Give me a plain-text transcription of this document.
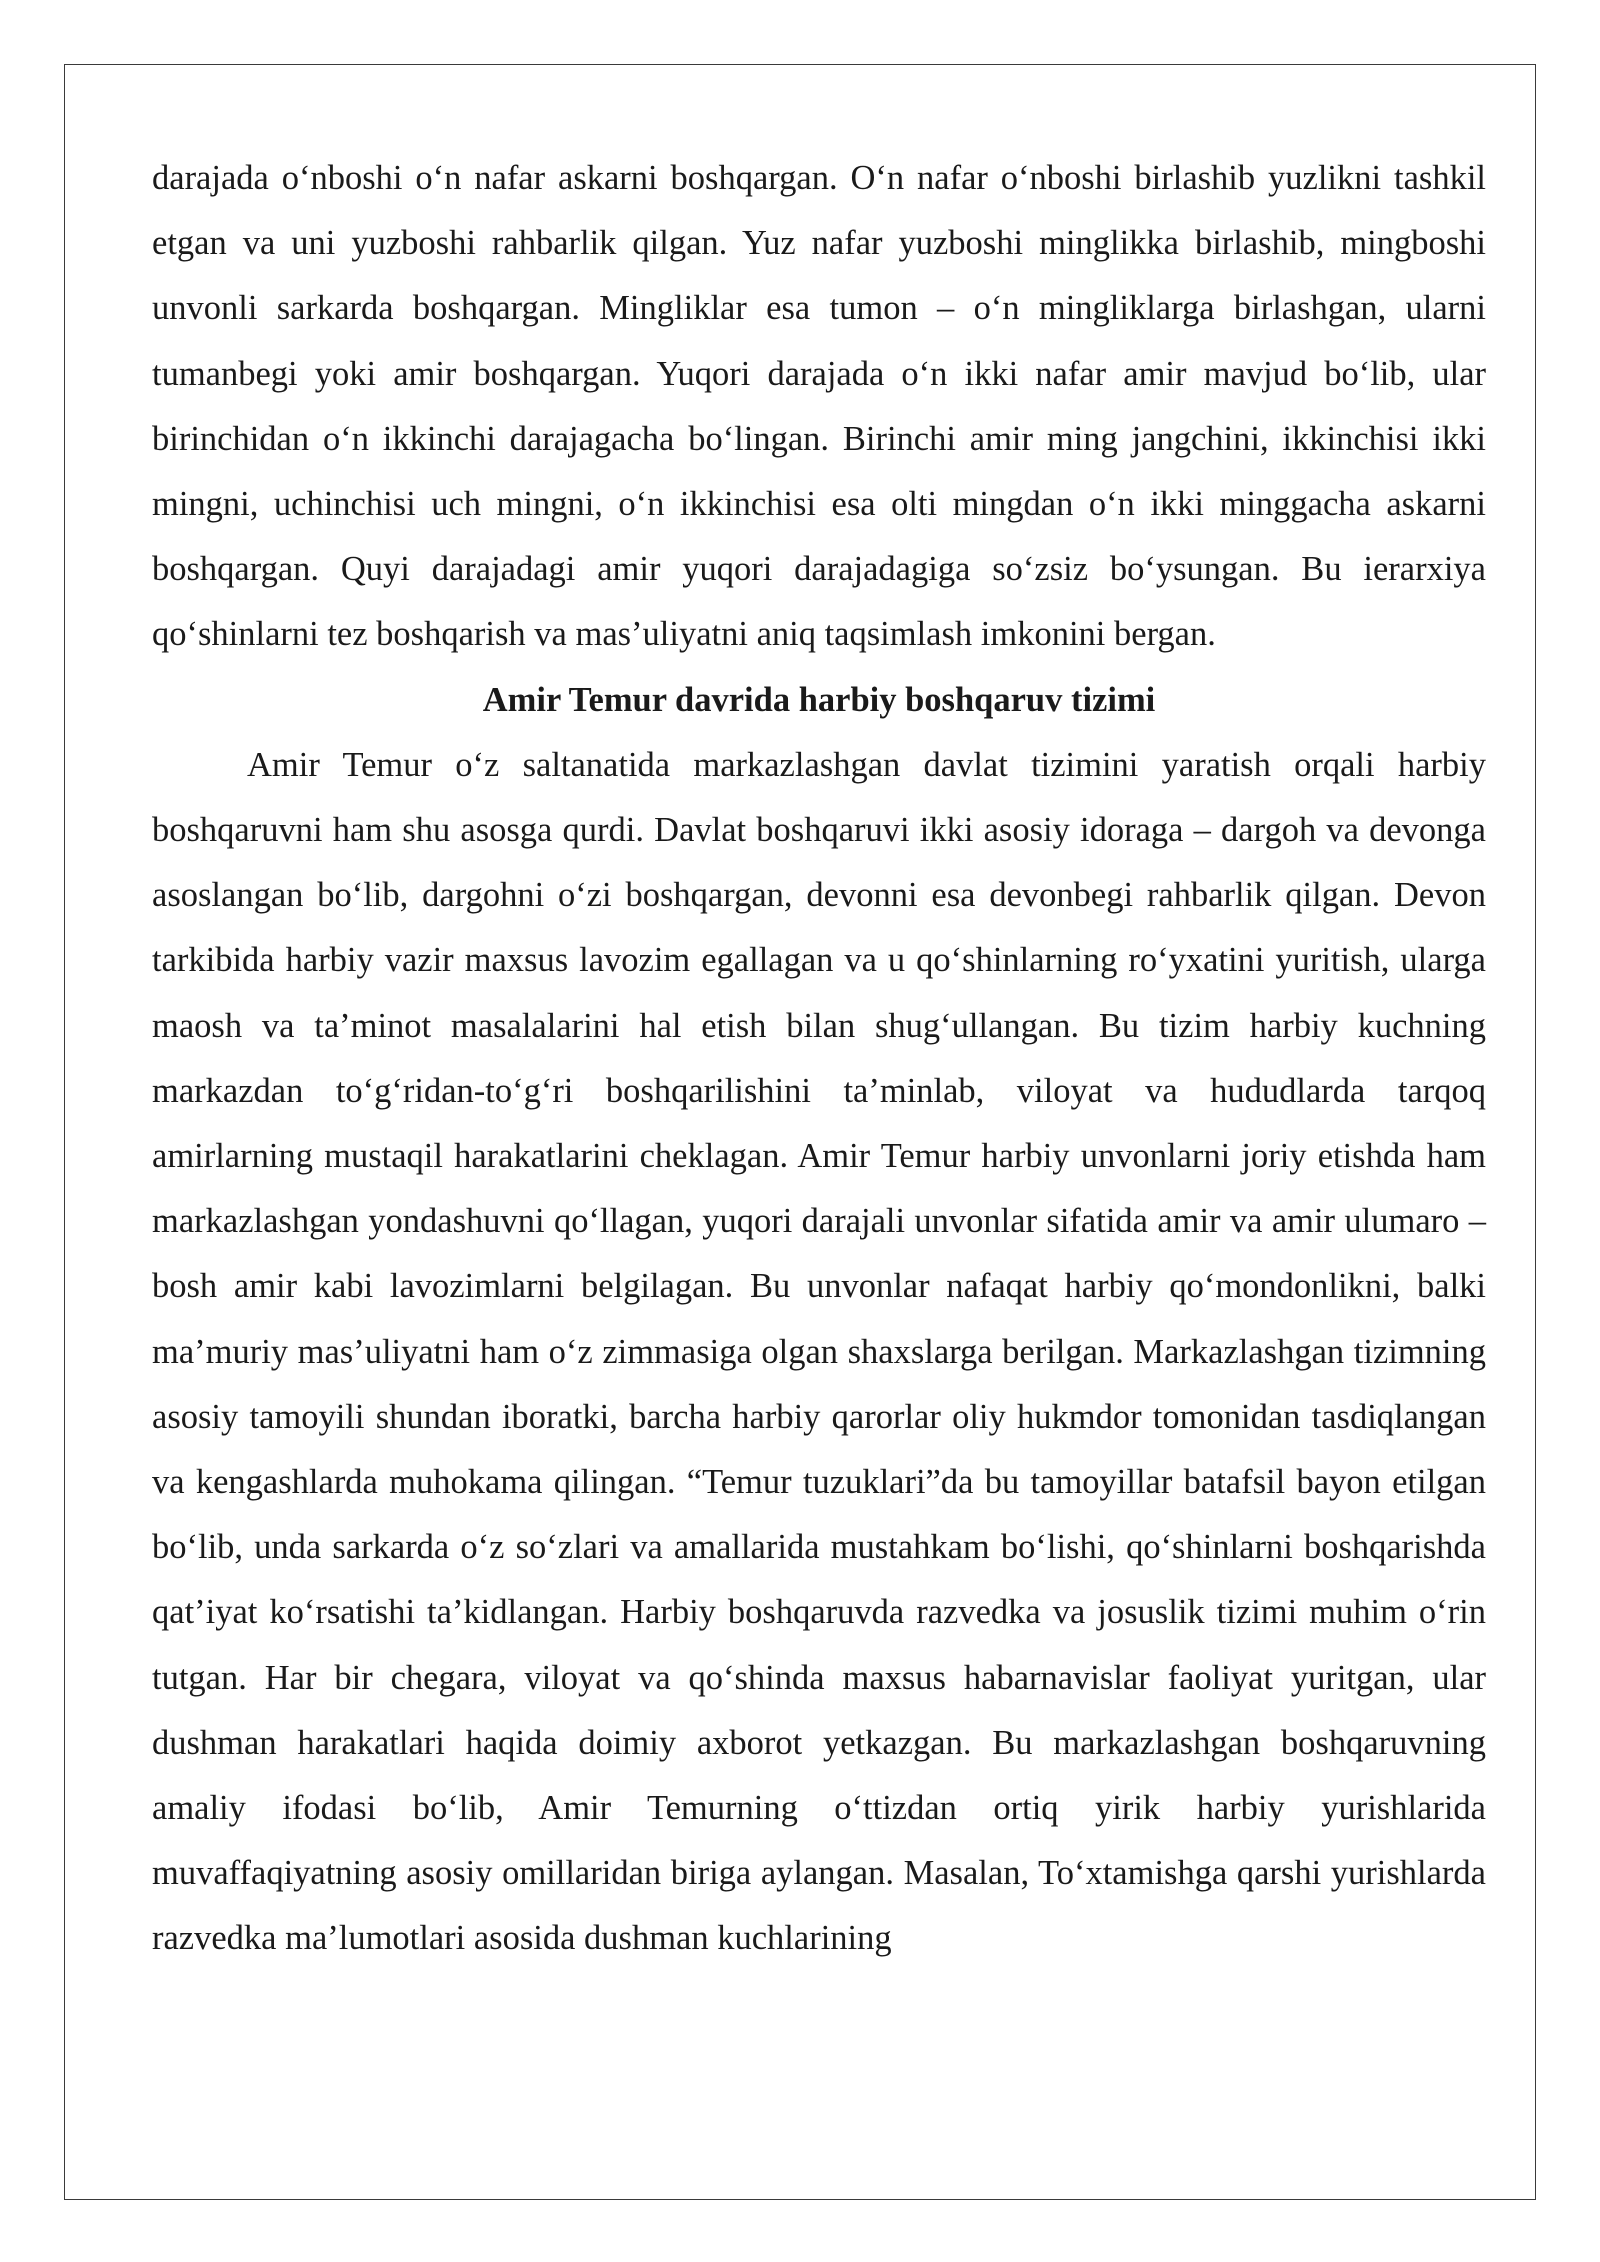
darajada o‘nboshi o‘n nafar askarni boshqargan. O‘n nafar o‘nboshi birlashib yuzlikni tashkil etgan va uni yuzboshi rahbarlik qilgan. Yuz nafar yuzboshi minglikka birlashib, mingboshi unvonli sarkarda boshqargan. Mingliklar esa tumon – o‘n mingliklarga birlashgan, ularni tumanbegi yoki amir boshqargan. Yuqori darajada o‘n ikki nafar amir mavjud bo‘lib, ular birinchidan o‘n ikkinchi darajagacha bo‘lingan. Birinchi amir ming jangchini, ikkinchisi ikki mingni, uchinchisi uch mingni, o‘n ikkinchisi esa olti mingdan o‘n ikki minggacha askarni boshqargan. Quyi darajadagi amir yuqori darajadagiga so‘zsiz bo‘ysungan. Bu ierarxiya qo‘shinlarni tez boshqarish va mas’uliyatni aniq taqsimlash imkonini bergan.

Amir Temur davrida harbiy boshqaruv tizimi

Amir Temur o‘z saltanatida markazlashgan davlat tizimini yaratish orqali harbiy boshqaruvni ham shu asosga qurdi. Davlat boshqaruvi ikki asosiy idoraga – dargoh va devonga asoslangan bo‘lib, dargohni o‘zi boshqargan, devonni esa devonbegi rahbarlik qilgan. Devon tarkibida harbiy vazir maxsus lavozim egallagan va u qo‘shinlarning ro‘yxatini yuritish, ularga maosh va ta’minot masalalarini hal etish bilan shug‘ullangan. Bu tizim harbiy kuchning markazdan to‘g‘ridan-to‘g‘ri boshqarilishini ta’minlab, viloyat va hududlarda tarqoq amirlarning mustaqil harakatlarini cheklagan. Amir Temur harbiy unvonlarni joriy etishda ham markazlashgan yondashuvni qo‘llagan, yuqori darajali unvonlar sifatida amir va amir ulumaro – bosh amir kabi lavozimlarni belgilagan. Bu unvonlar nafaqat harbiy qo‘mondonlikni, balki ma’muriy mas’uliyatni ham o‘z zimmasiga olgan shaxslarga berilgan. Markazlashgan tizimning asosiy tamoyili shundan iboratki, barcha harbiy qarorlar oliy hukmdor tomonidan tasdiqlangan va kengashlarda muhokama qilingan. “Temur tuzuklari”da bu tamoyillar batafsil bayon etilgan bo‘lib, unda sarkarda o‘z so‘zlari va amallarida mustahkam bo‘lishi, qo‘shinlarni boshqarishda qat’iyat ko‘rsatishi ta’kidlangan. Harbiy boshqaruvda razvedka va josuslik tizimi muhim o‘rin tutgan. Har bir chegara, viloyat va qo‘shinda maxsus habarnavislar faoliyat yuritgan, ular dushman harakatlari haqida doimiy axborot yetkazgan. Bu markazlashgan boshqaruvning amaliy ifodasi bo‘lib, Amir Temurning o‘ttizdan ortiq yirik harbiy yurishlarida muvaffaqiyatning asosiy omillaridan biriga aylangan. Masalan, To‘xtamishga qarshi yurishlarda razvedka ma’lumotlari asosida dushman kuchlarining
